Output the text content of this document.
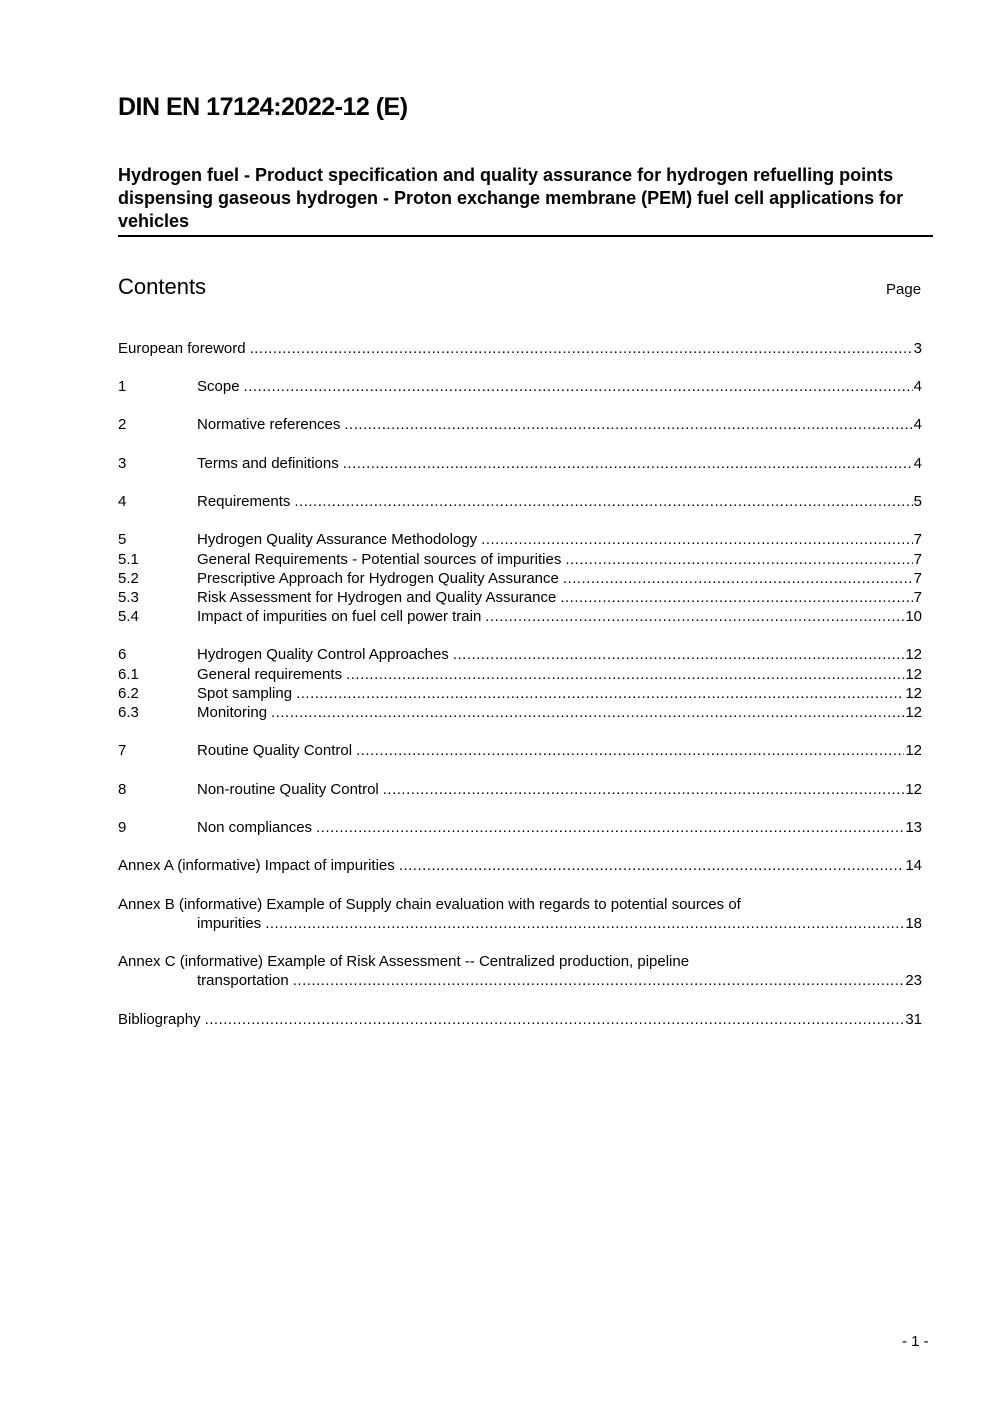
DIN EN 17124:2022-12 (E)
Hydrogen fuel - Product specification and quality assurance for hydrogen refuelling points dispensing gaseous hydrogen - Proton exchange membrane (PEM) fuel cell applications for vehicles
Contents	Page
European foreword .....	3
1	Scope .....	4
2	Normative references .....	4
3	Terms and definitions .....	4
4	Requirements .....	5
5	Hydrogen Quality Assurance Methodology .....	7
5.1	General Requirements - Potential sources of impurities .....	7
5.2	Prescriptive Approach for Hydrogen Quality Assurance .....	7
5.3	Risk Assessment for Hydrogen and Quality Assurance .....	7
5.4	Impact of impurities on fuel cell power train .....	10
6	Hydrogen Quality Control Approaches .....	12
6.1	General requirements .....	12
6.2	Spot sampling .....	12
6.3	Monitoring .....	12
7	Routine Quality Control .....	12
8	Non-routine Quality Control .....	12
9	Non compliances .....	13
Annex A (informative) Impact of impurities .....	14
Annex B (informative) Example of Supply chain evaluation with regards to potential sources of
impurities .....	18
Annex C (informative) Example of Risk Assessment -- Centralized production, pipeline
transportation .....	23
Bibliography .....	31
- 1 -
